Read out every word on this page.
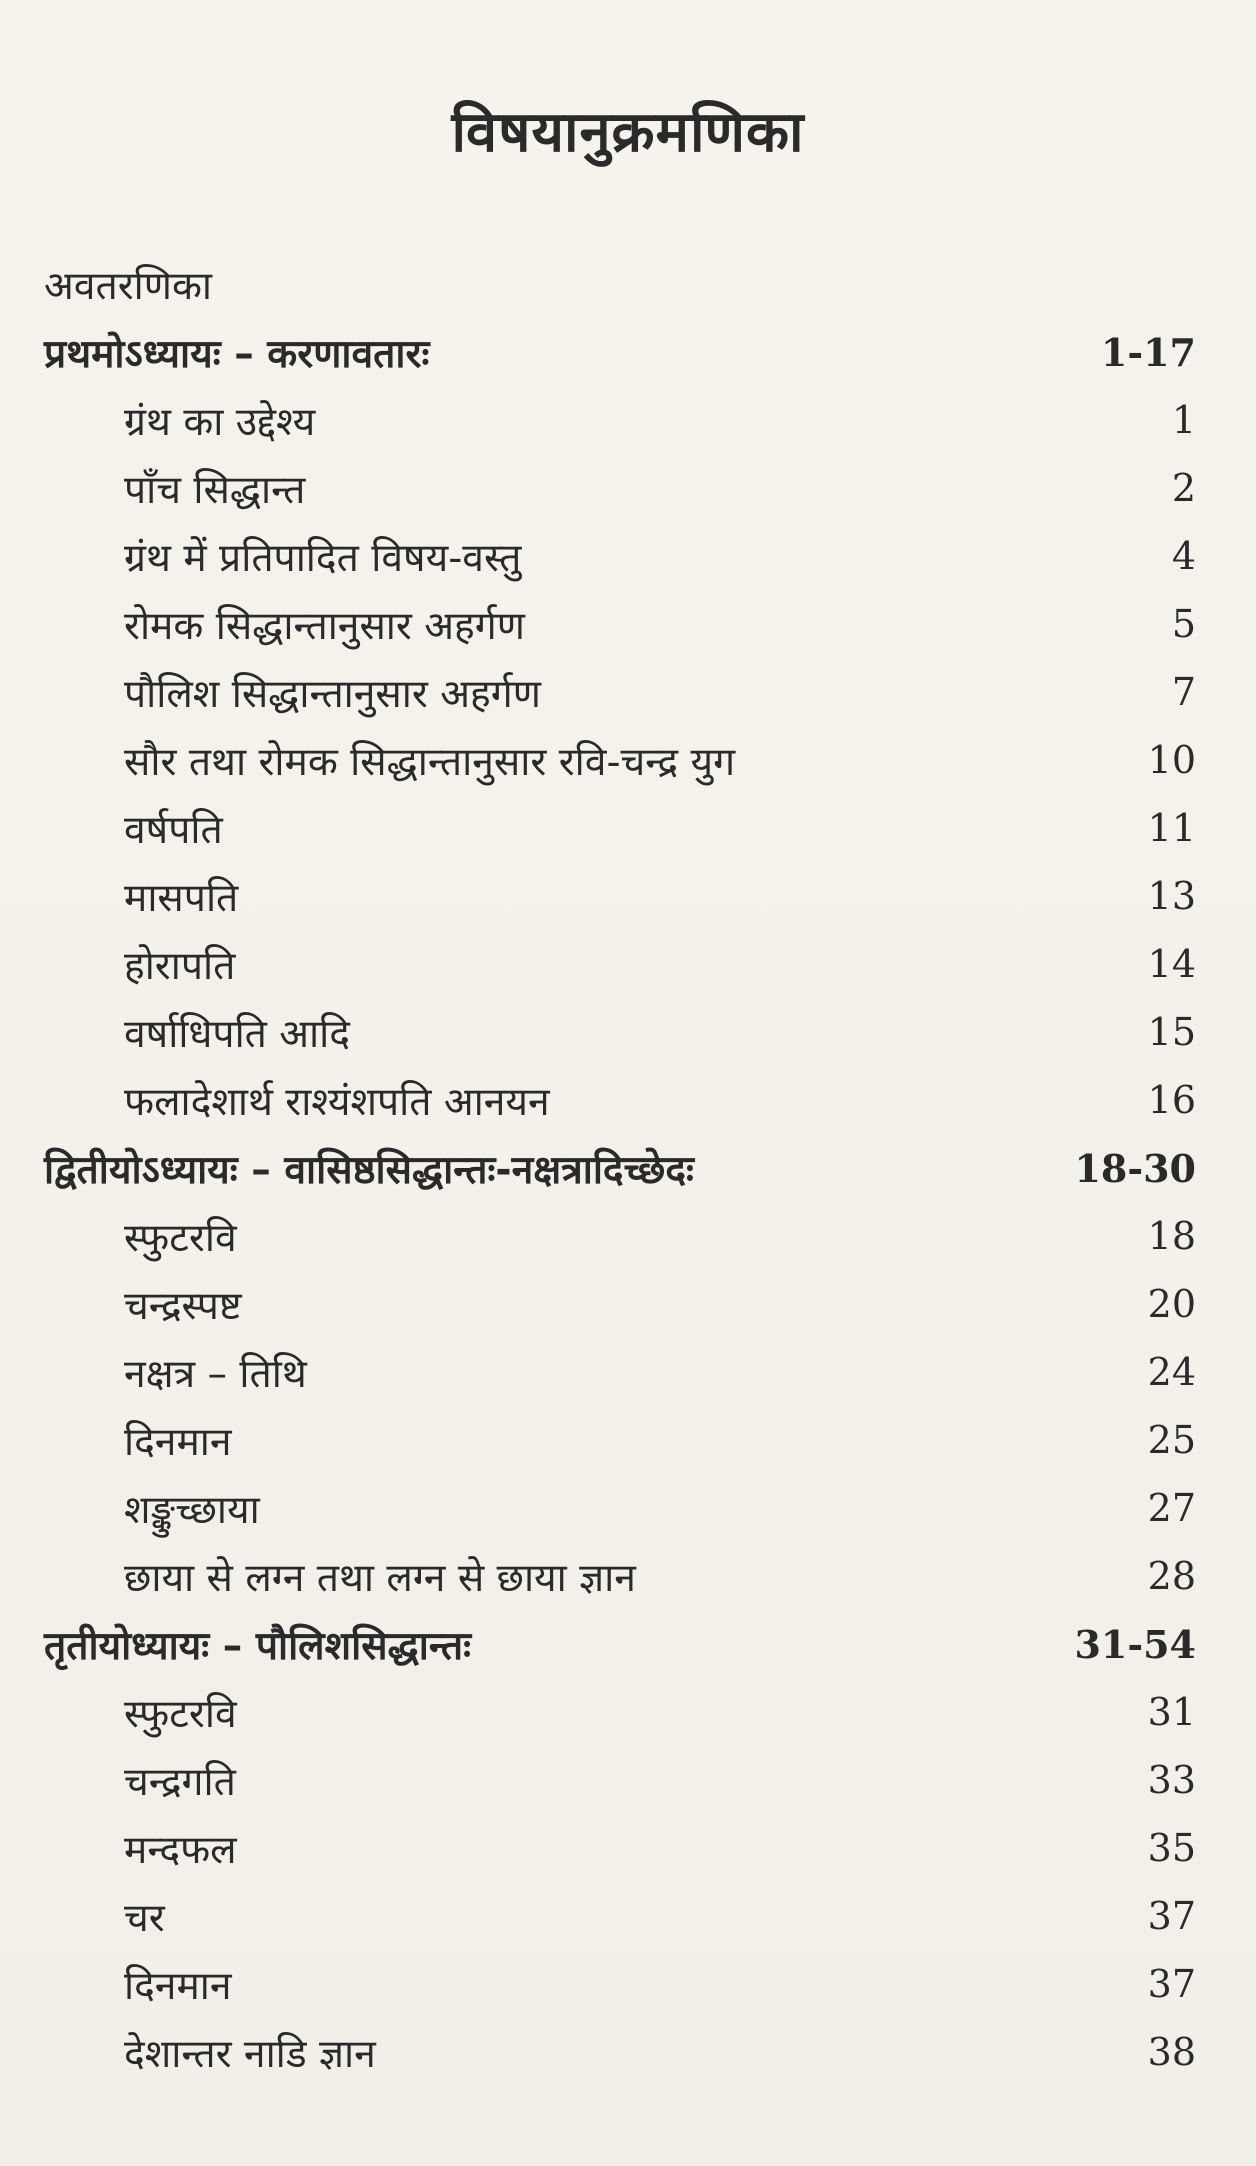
विषयानुक्रमणिका
अवतरणिका
प्रथमोऽध्यायः – करणावतारः	1-17
ग्रंथ का उद्देश्य	1
पाँच सिद्धान्त	2
ग्रंथ में प्रतिपादित विषय-वस्तु	4
रोमक सिद्धान्तानुसार अहर्गण	5
पौलिश सिद्धान्तानुसार अहर्गण	7
सौर तथा रोमक सिद्धान्तानुसार रवि-चन्द्र युग	10
वर्षपति	11
मासपति	13
होरापति	14
वर्षाधिपति आदि	15
फलादेशार्थ राश्यंशपति आनयन	16
द्वितीयोऽध्यायः – वासिष्ठसिद्धान्तः-नक्षत्रादिच्छेदः	18-30
स्फुटरवि	18
चन्द्रस्पष्ट	20
नक्षत्र – तिथि	24
दिनमान	25
शङ्कुच्छाया	27
छाया से लग्न तथा लग्न से छाया ज्ञान	28
तृतीयोध्यायः – पौलिशसिद्धान्तः	31-54
स्फुटरवि	31
चन्द्रगति	33
मन्दफल	35
चर	37
दिनमान	37
देशान्तर नाडि ज्ञान	38
